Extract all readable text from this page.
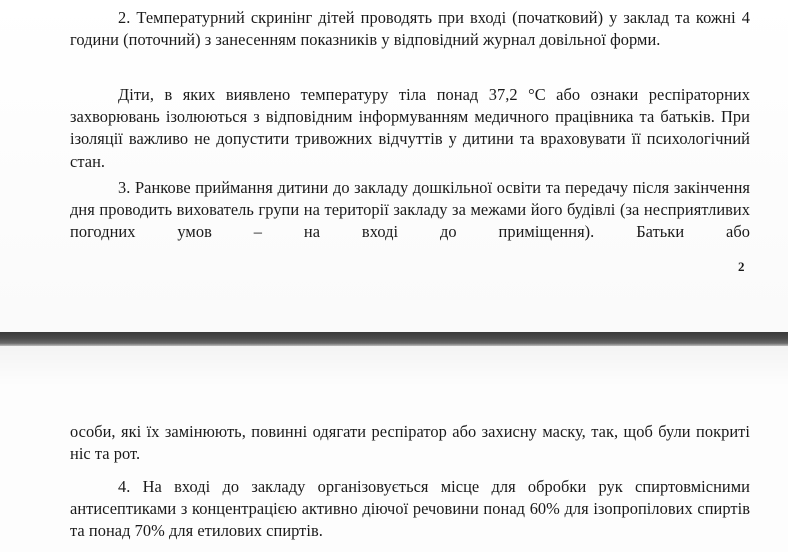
2. Температурний скринінг дітей проводять при вході (початковий) у заклад та кожні 4 години (поточний) з занесенням показників у відповідний журнал довільної форми.

Діти, в яких виявлено температуру тіла понад 37,2 °C або ознаки респіраторних захворювань ізолюються з відповідним інформуванням медичного працівника та батьків. При ізоляції важливо не допустити тривожних відчуттів у дитини та враховувати її психологічний стан.

3. Ранкове приймання дитини до закладу дошкільної освіти та передачу після закінчення дня проводить вихователь групи на території закладу за межами його будівлі (за несприятливих погодних умов – на вході до приміщення). Батьки або

2

особи, які їх замінюють, повинні одягати респіратор або захисну маску, так, щоб були покриті ніс та рот.

4. На вході до закладу організовується місце для обробки рук спиртовмісними антисептиками з концентрацією активно діючої речовини понад 60% для ізопропілових спиртів та понад 70% для етилових спиртів.
